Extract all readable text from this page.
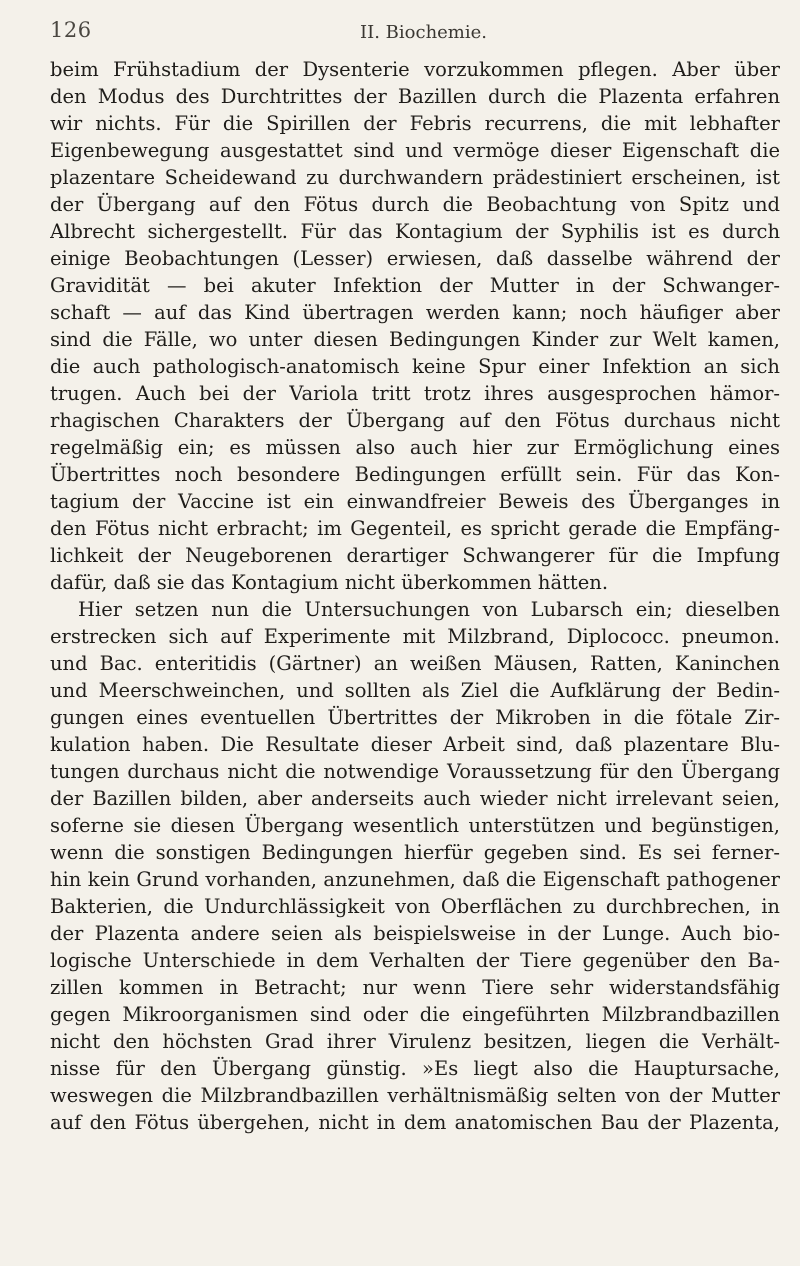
126	II. Biochemie.
beim Frühstadium der Dysenterie vorzukommen pflegen. Aber über
den Modus des Durchtrittes der Bazillen durch die Plazenta erfahren
wir nichts. Für die Spirillen der Febris recurrens, die mit lebhafter
Eigenbewegung ausgestattet sind und vermöge dieser Eigenschaft die
plazentare Scheidewand zu durchwandern prädestiniert erscheinen, ist
der Übergang auf den Fötus durch die Beobachtung von Spitz und
Albrecht sichergestellt. Für das Kontagium der Syphilis ist es durch
einige Beobachtungen (Lesser) erwiesen, daß dasselbe während der
Gravidität — bei akuter Infektion der Mutter in der Schwanger-
schaft — auf das Kind übertragen werden kann; noch häufiger aber
sind die Fälle, wo unter diesen Bedingungen Kinder zur Welt kamen,
die auch pathologisch-anatomisch keine Spur einer Infektion an sich
trugen. Auch bei der Variola tritt trotz ihres ausgesprochen hämor-
rhagischen Charakters der Übergang auf den Fötus durchaus nicht
regelmäßig ein; es müssen also auch hier zur Ermöglichung eines
Übertrittes noch besondere Bedingungen erfüllt sein. Für das Kon-
tagium der Vaccine ist ein einwandfreier Beweis des Überganges in
den Fötus nicht erbracht; im Gegenteil, es spricht gerade die Empfäng-
lichkeit der Neugeborenen derartiger Schwangerer für die Impfung
dafür, daß sie das Kontagium nicht überkommen hätten.
Hier setzen nun die Untersuchungen von Lubarsch ein; dieselben
erstrecken sich auf Experimente mit Milzbrand, Diplococc. pneumon.
und Bac. enteritidis (Gärtner) an weißen Mäusen, Ratten, Kaninchen
und Meerschweinchen, und sollten als Ziel die Aufklärung der Bedin-
gungen eines eventuellen Übertrittes der Mikroben in die fötale Zir-
kulation haben. Die Resultate dieser Arbeit sind, daß plazentare Blu-
tungen durchaus nicht die notwendige Voraussetzung für den Übergang
der Bazillen bilden, aber anderseits auch wieder nicht irrelevant seien,
soferne sie diesen Übergang wesentlich unterstützen und begünstigen,
wenn die sonstigen Bedingungen hierfür gegeben sind. Es sei ferner-
hin kein Grund vorhanden, anzunehmen, daß die Eigenschaft pathogener
Bakterien, die Undurchlässigkeit von Oberflächen zu durchbrechen, in
der Plazenta andere seien als beispielsweise in der Lunge. Auch bio-
logische Unterschiede in dem Verhalten der Tiere gegenüber den Ba-
zillen kommen in Betracht; nur wenn Tiere sehr widerstandsfähig
gegen Mikroorganismen sind oder die eingeführten Milzbrandbazillen
nicht den höchsten Grad ihrer Virulenz besitzen, liegen die Verhält-
nisse für den Übergang günstig. »Es liegt also die Hauptursache,
weswegen die Milzbrandbazillen verhältnismäßig selten von der Mutter
auf den Fötus übergehen, nicht in dem anatomischen Bau der Plazenta,
